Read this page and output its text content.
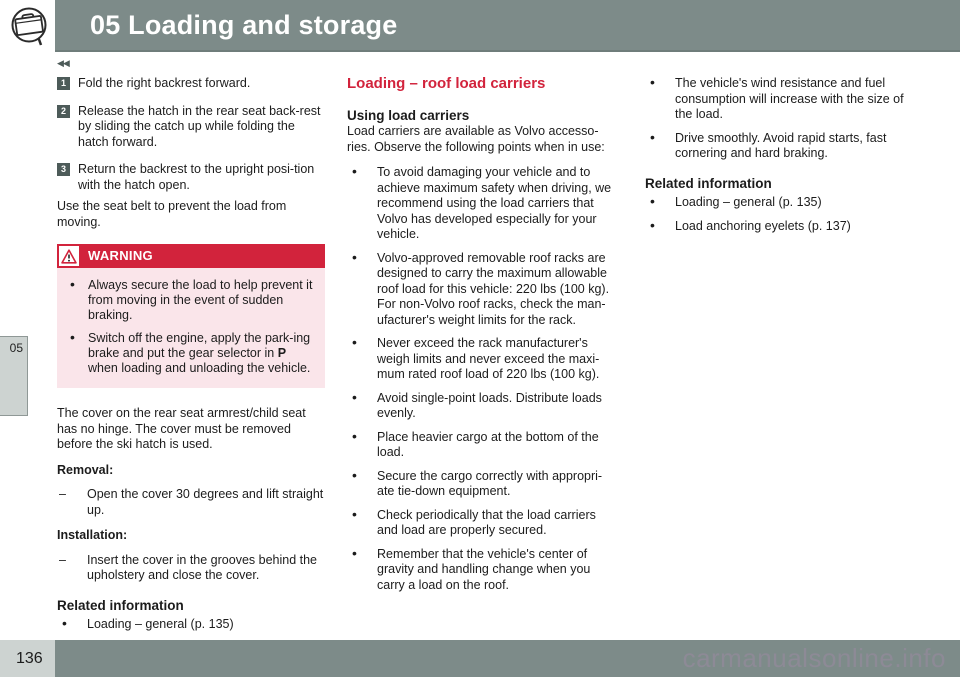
05 Loading and storage
◀◀
1 Fold the right backrest forward.
2 Release the hatch in the rear seat back-rest by sliding the catch up while folding the hatch forward.
3 Return the backrest to the upright posi-tion with the hatch open.

Use the seat belt to prevent the load from moving.

WARNING
• Always secure the load to help prevent it from moving in the event of sudden braking.
• Switch off the engine, apply the park-ing brake and put the gear selector in P when loading and unloading the vehicle.

The cover on the rear seat armrest/child seat has no hinge. The cover must be removed before the ski hatch is used.

Removal:
– Open the cover 30 degrees and lift straight up.
Installation:
– Insert the cover in the grooves behind the upholstery and close the cover.
Related information
• Loading – general (p. 135)
Loading – roof load carriers
Using load carriers

Load carriers are available as Volvo accesso-ries. Observe the following points when in use:

• To avoid damaging your vehicle and to achieve maximum safety when driving, we recommend using the load carriers that Volvo has developed especially for your vehicle.
• Volvo-approved removable roof racks are designed to carry the maximum allowable roof load for this vehicle: 220 lbs (100 kg). For non-Volvo roof racks, check the man-ufacturer's weight limits for the rack.
• Never exceed the rack manufacturer's weigh limits and never exceed the maxi-mum rated roof load of 220 lbs (100 kg).
• Avoid single-point loads. Distribute loads evenly.
• Place heavier cargo at the bottom of the load.
• Secure the cargo correctly with appropri-ate tie-down equipment.
• Check periodically that the load carriers and load are properly secured.
• Remember that the vehicle's center of gravity and handling change when you carry a load on the roof.
• The vehicle's wind resistance and fuel consumption will increase with the size of the load.
• Drive smoothly. Avoid rapid starts, fast cornering and hard braking.
Related information
• Loading – general (p. 135)
• Load anchoring eyelets (p. 137)
05
136	carmanualsonline.info
